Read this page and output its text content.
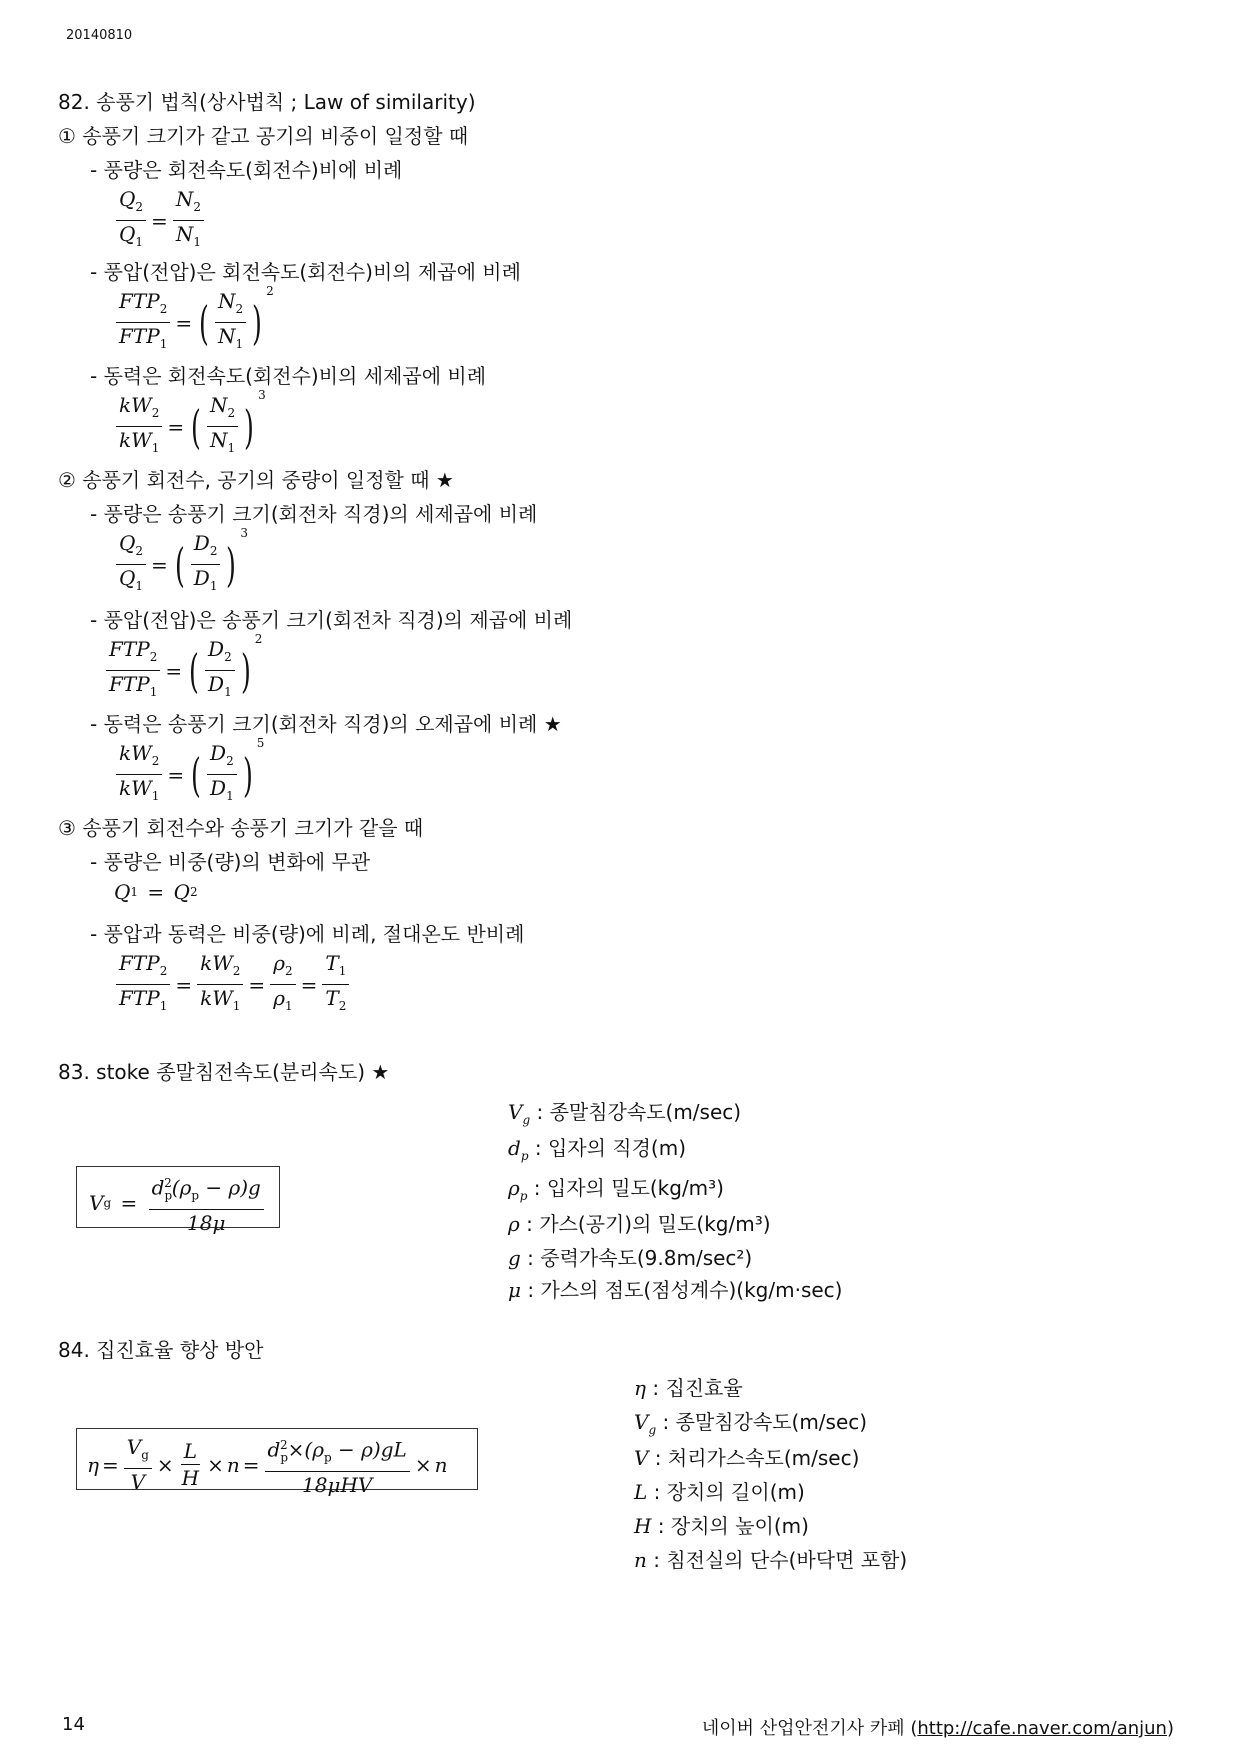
20140810
82. 송풍기 법칙(상사법칙 ; Law of similarity)
① 송풍기 크기가 같고 공기의 비중이 일정할 때
- 풍량은 회전속도(회전수)비에 비례
$\frac{Q_2}{Q_1} = \frac{N_2}{N_1}$
- 풍압(전압)은 회전속도(회전수)비의 제곱에 비례
$\frac{FTP_2}{FTP_1}$ = ( $\frac{N_2}{N_1}$ )
2
- 동력은 회전속도(회전수)비의 세제곱에 비례
$\frac{kW_2}{kW_1}$ = ( $\frac{N_2}{N_1}$ )
3
② 송풍기 회전수, 공기의 중량이 일정할 때 ★
- 풍량은 송풍기 크기(회전차 직경)의 세제곱에 비례
$\frac{Q_2}{Q_1}$ = ( $\frac{D_2}{D_1}$ )
3
- 풍압(전압)은 송풍기 크기(회전차 직경)의 제곱에 비례
$\frac{FTP_2}{FTP_1}$ = ( $\frac{D_2}{D_1}$ )
2
- 동력은 송풍기 크기(회전차 직경)의 오제곱에 비례 ★
$\frac{kW_2}{kW_1}$ = ( $\frac{D_2}{D_1}$ )
5
③ 송풍기 회전수와 송풍기 크기가 같을 때
- 풍량은 비중(량)의 변화에 무관
Q 1 = Q 2
- 풍압과 동력은 비중(량)에 비례, 절대온도 반비례
$\frac{FTP_2}{FTP_1} = \frac{kW_2}{kW_1} = \frac{\rho_2}{\rho_1} = \frac{T_1}{T_2}$
83. stoke 종말침전속도(분리속도) ★
V $g = \frac{d_p^2(\rho_p - \rho)g}{18\mu}$
$V_g$ : 종말침강속도(m/sec)
$d_p$ : 입자의 직경(m)
$\rho_p$ : 입자의 밀도(kg/m³)
ρ : 가스(공기)의 밀도(kg/m³)
g : 중력가속도(9.8m/sec²)
μ : 가스의 점도(점성계수)(kg/m·sec)
84. 집진효율 향상 방안
$\eta = \frac{V_g}{V} \times \frac{L}{H} \times n = \frac{d_p^2\times(\rho_p - \rho)gL}{\text{18μHV}} \times n$
η : 집진효율
$V_g$ : 종말침강속도(m/sec)
V : 처리가스속도(m/sec)
L : 장치의 길이(m)
H : 장치의 높이(m)
n : 침전실의 단수(바닥면 포함)
14	네이버 산업안전기사 카페 (http://cafe.naver.com/anjun)
